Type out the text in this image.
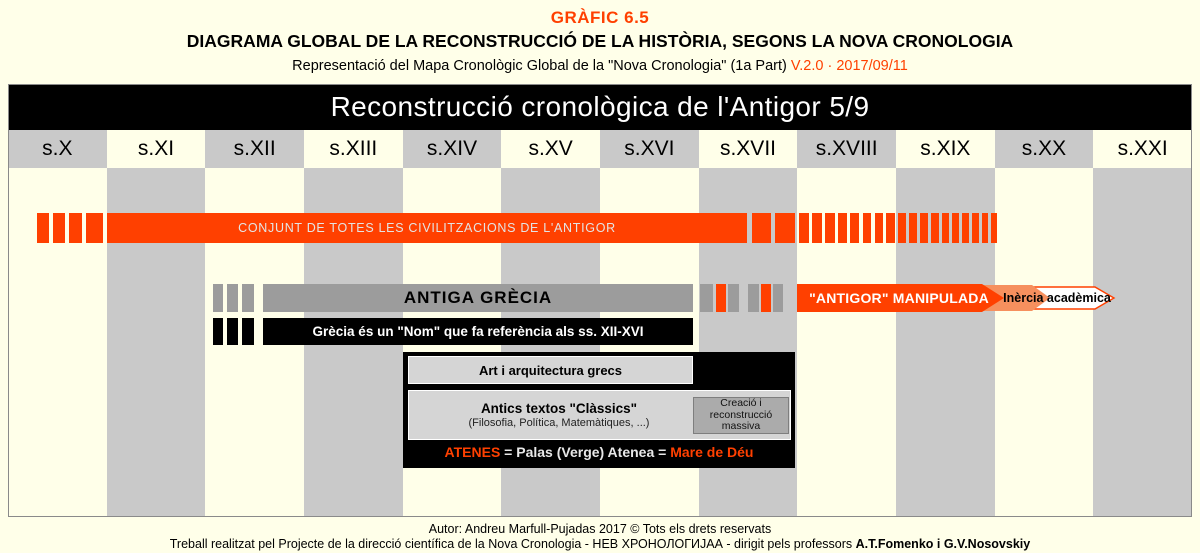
GRÀFIC 6.5
DIAGRAMA GLOBAL DE LA RECONSTRUCCIÓ DE LA HISTÒRIA, SEGONS LA NOVA CRONOLOGIA
Representació del Mapa Cronològic Global de la "Nova Cronologia" (1a Part) V.2.0 · 2017/09/11
Reconstrucció cronològica de l'Antigor 5/9
s.X	s.XI	s.XII	s.XIII	s.XIV	s.XV	s.XVI	s.XVII	s.XVIII	s.XIX	s.XX	s.XXI
CONJUNT DE TOTES LES CIVILITZACIONS DE L'ANTIGOR
ANTIGA GRÈCIA
Grècia és un "Nom" que fa referència als ss. XII-XVI
"ANTIGOR" MANIPULADA	Inèrcia acadèmica
Art i arquitectura grecs
Antics textos "Clàssics"
(Filosofia, Política, Matemàtiques, ...)
Creació i reconstrucció massiva
ATENES = Palas (Verge) Atenea = Mare de Déu
Autor: Andreu Marfull-Pujadas 2017 © Tots els drets reservats
Treball realitzat pel Projecte de la direcció científica de la Nova Cronologia - НЕВ ХРОНОЛОГИЈАА - dirigit pels professors A.T.Fomenko i G.V.Nosovskiy
